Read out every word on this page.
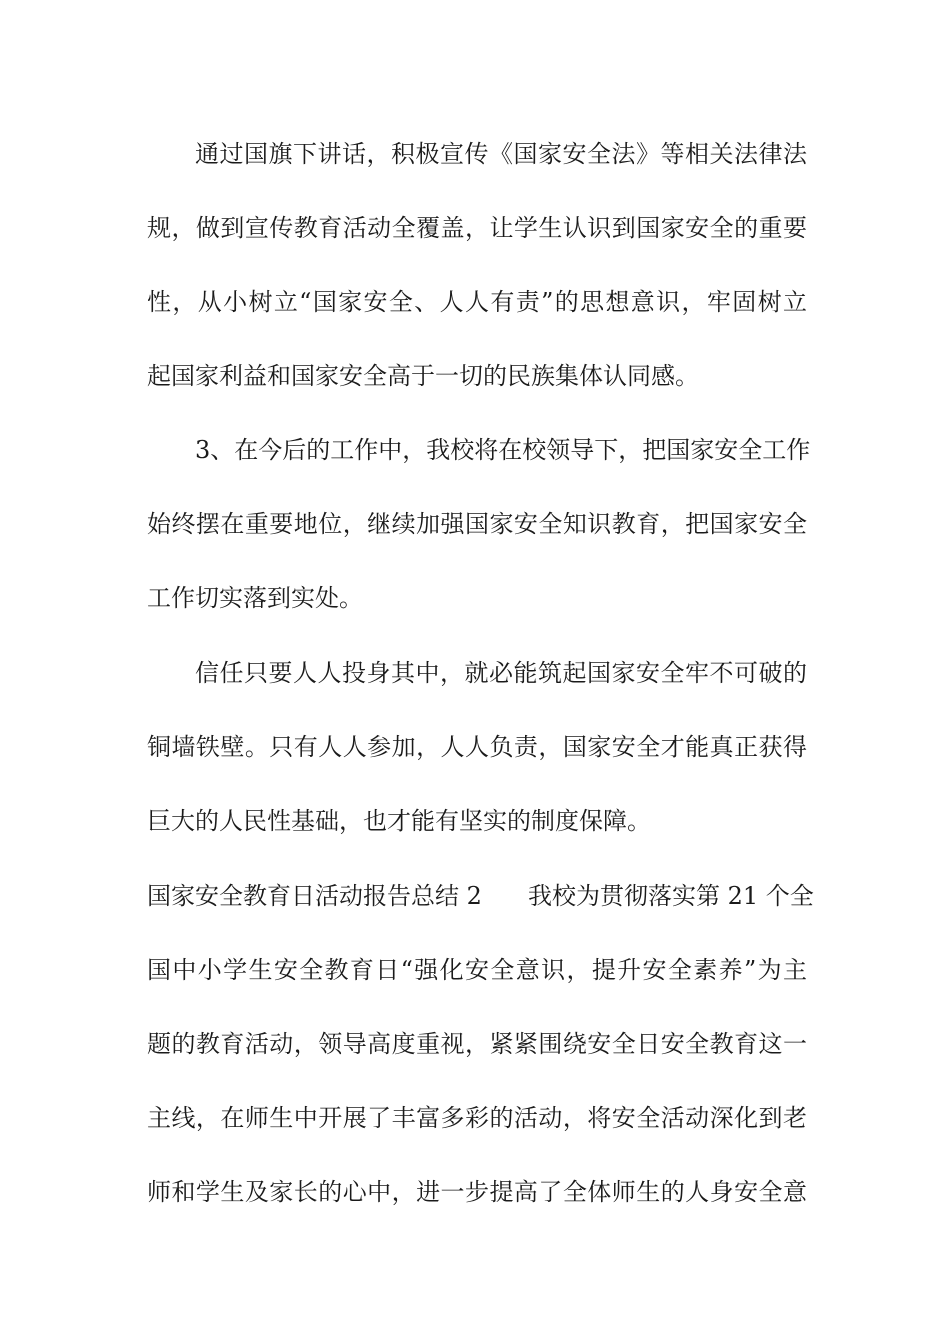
通过国旗下讲话，积极宣传《国家安全法》等相关法律法
规，做到宣传教育活动全覆盖，让学生认识到国家安全的重要
性，从小树立“国家安全、人人有责”的思想意识，牢固树立
起国家利益和国家安全高于一切的民族集体认同感。
3、在今后的工作中，我校将在校领导下，把国家安全工作
始终摆在重要地位，继续加强国家安全知识教育，把国家安全
工作切实落到实处。
信任只要人人投身其中，就必能筑起国家安全牢不可破的
铜墙铁壁。只有人人参加，人人负责，国家安全才能真正获得
巨大的人民性基础，也才能有坚实的制度保障。
国家安全教育日活动报告总结 2 我校为贯彻落实第 21 个全
国中小学生安全教育日“强化安全意识，提升安全素养”为主
题的教育活动，领导高度重视，紧紧围绕安全日安全教育这一
主线，在师生中开展了丰富多彩的活动，将安全活动深化到老
师和学生及家长的心中，进一步提高了全体师生的人身安全意
